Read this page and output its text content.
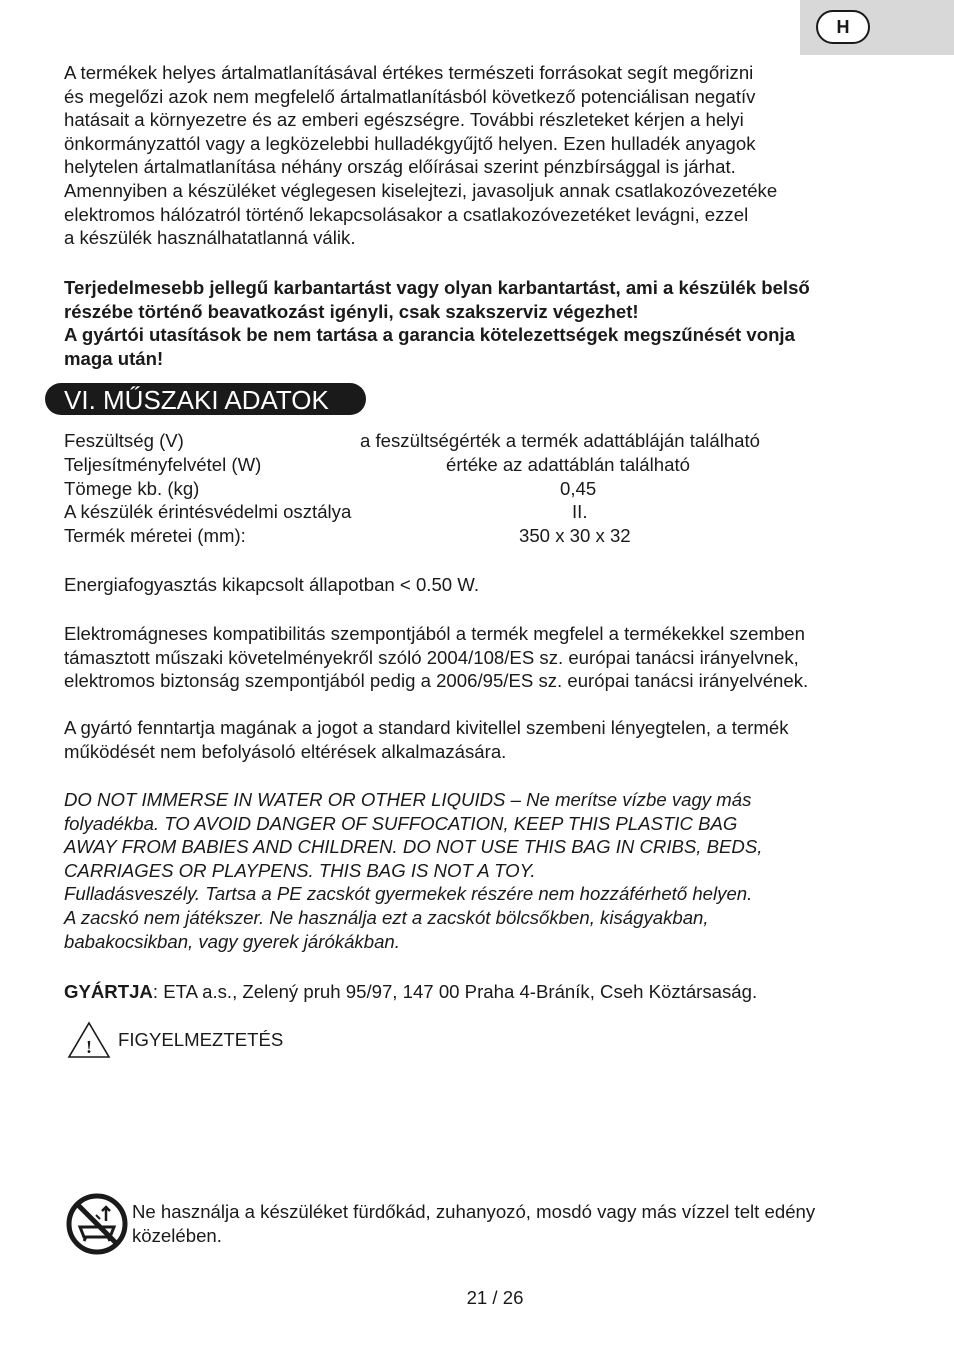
H
A termékek helyes ártalmatlanításával értékes természeti forrásokat segít megőrizni
és megelőzi azok nem megfelelő ártalmatlanításból következő potenciálisan negatív
hatásait a környezetre és az emberi egészségre. További részleteket kérjen a helyi
önkormányzattól vagy a legközelebbi hulladékgyűjtő helyen. Ezen hulladék anyagok
helytelen ártalmatlanítása néhány ország előírásai szerint pénzbírsággal is járhat.
Amennyiben a készüléket véglegesen kiselejtezi, javasoljuk annak csatlakozóvezetéke
elektromos hálózatról történő lekapcsolásakor a csatlakozóvezetéket levágni, ezzel
a készülék használhatatlanná válik.
Terjedelmesebb jellegű karbantartást vagy olyan karbantartást, ami a készülék belső
részébe történő beavatkozást igényli, csak szakszerviz végezhet!
A gyártói utasítások be nem tartása a garancia kötelezettségek megszűnését vonja
maga után!
VI. MŰSZAKI ADATOK
Feszültség (V)	a feszültségérték a termék adattábláján található
Teljesítményfelvétel (W)	értéke az adattáblán található
Tömege kb. (kg)	0,45
A készülék érintésvédelmi osztálya	II.
Termék méretei (mm):	350 x 30 x 32
Energiafogyasztás kikapcsolt állapotban < 0.50 W.
Elektromágneses kompatibilitás szempontjából a termék megfelel a termékekkel szemben
támasztott műszaki követelményekről szóló 2004/108/ES sz. európai tanácsi irányelvnek,
elektromos biztonság szempontjából pedig a 2006/95/ES sz. európai tanácsi irányelvének.
A gyártó fenntartja magának a jogot a standard kivitellel szembeni lényegtelen, a termék
működését nem befolyásoló eltérések alkalmazására.
DO NOT IMMERSE IN WATER OR OTHER LIQUIDS – Ne merítse vízbe vagy más
folyadékba. TO AVOID DANGER OF SUFFOCATION, KEEP THIS PLASTIC BAG
AWAY FROM BABIES AND CHILDREN. DO NOT USE THIS BAG IN CRIBS, BEDS,
CARRIAGES OR PLAYPENS. THIS BAG IS NOT A TOY.
Fulladásveszély. Tartsa a PE zacskót gyermekek részére nem hozzáférhető helyen.
A zacskó nem játékszer. Ne használja ezt a zacskót bölcsőkben, kiságyakban,
babakocsikban, vagy gyerek járókákban.
GYÁRTJA: ETA a.s., Zelený pruh 95/97, 147 00 Praha 4-Bráník, Cseh Köztársaság.
! FIGYELMEZTETÉS
Ne használja a készüléket fürdőkád, zuhanyozó, mosdó vagy más vízzel telt edény
közelében.
21 / 26
